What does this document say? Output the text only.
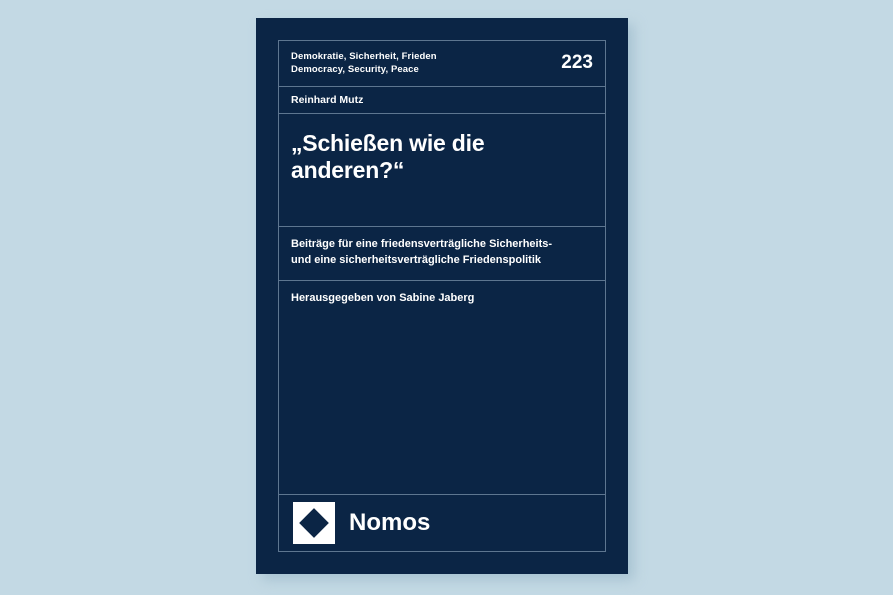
Demokratie, Sicherheit, Frieden
Democracy, Security, Peace	223
Reinhard Mutz
„Schießen wie die anderen?“
Beiträge für eine friedensverträgliche Sicherheits-
und eine sicherheitsverträgliche Friedenspolitik
Herausgegeben von Sabine Jaberg
Nomos
